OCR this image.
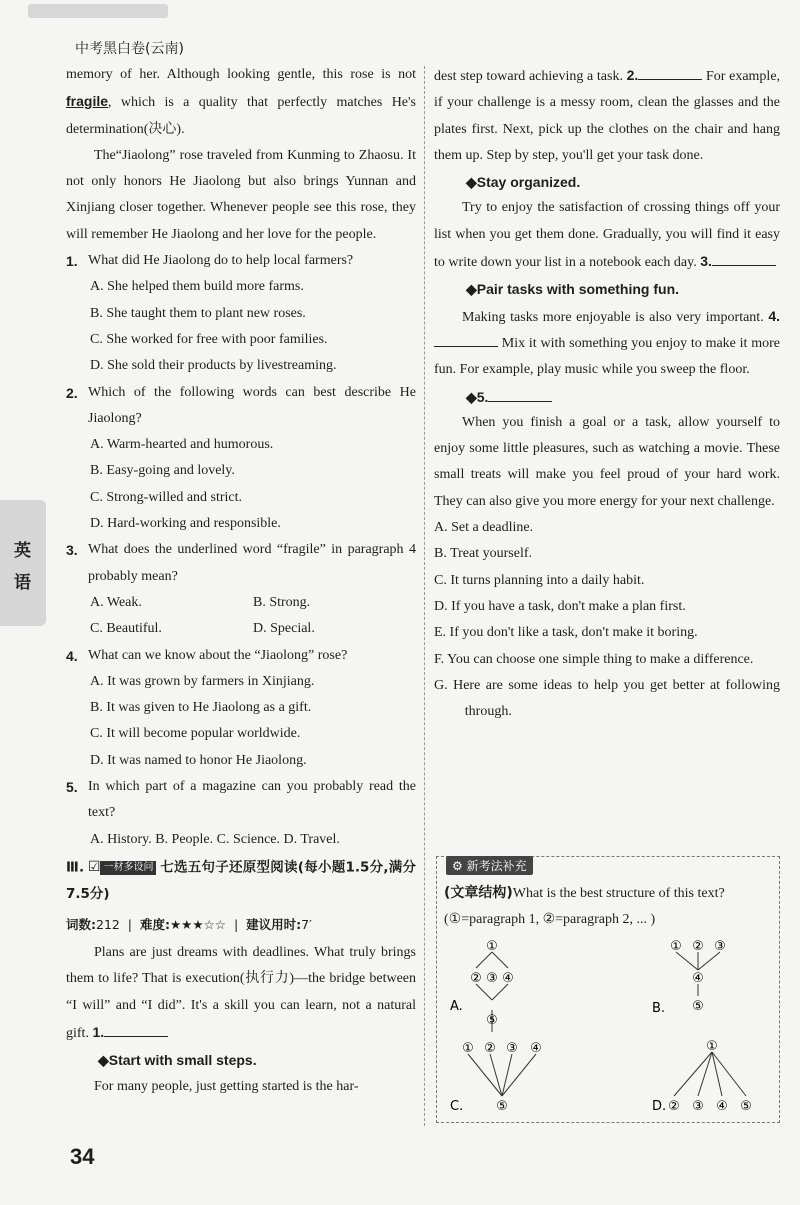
中考黑白卷(云南)
英
语

memory of her. Although looking gentle, this rose is not fragile, which is a quality that perfectly matches He's determination(决心).

The“Jiaolong” rose traveled from Kunming to Zhaosu. It not only honors He Jiaolong but also brings Yunnan and Xinjiang closer together. Whenever people see this rose, they will remember He Jiaolong and her love for the people.

1. What did He Jiaolong do to help local farmers?
A. She helped them build more farms.
B. She taught them to plant new roses.
C. She worked for free with poor families.
D. She sold their products by livestreaming.
2. Which of the following words can best describe He Jiaolong?
A. Warm-hearted and humorous.
B. Easy-going and lovely.
C. Strong-willed and strict.
D. Hard-working and responsible.
3. What does the underlined word “fragile” in paragraph 4 probably mean?
A. Weak.	B. Strong.
C. Beautiful.	D. Special.
4. What can we know about the “Jiaolong” rose?
A. It was grown by farmers in Xinjiang.
B. It was given to He Jiaolong as a gift.
C. It will become popular worldwide.
D. It was named to honor He Jiaolong.
5. In which part of a magazine can you probably read the text?
A. History. B. People. C. Science. D. Travel.
Ⅲ. ☑ 一材多设问 七选五句子还原型阅读(每小题1.5分,满分7.5分)
词数:212  |  难度:★★★☆☆  |  建议用时:7′

Plans are just dreams with deadlines. What truly brings them to life? That is execution(执行力)—the bridge between “I will” and “I did”. It's a skill you can learn, not a natural gift. 1.

◆Start with small steps.

For many people, just getting started is the har-

dest step toward achieving a task. 2.	For example, if your challenge is a messy room, clean the glasses and the plates first. Next, pick up the clothes on the chair and hang them up. Step by step, you'll get your task done.

◆Stay organized.

Try to enjoy the satisfaction of crossing things off your list when you get them done. Gradually, you will find it easy to write down your list in a notebook each day. 3.

◆Pair tasks with something fun.

Making tasks more enjoyable is also very important. 4. Mix it with something you enjoy to make it more fun. For example, play music while you sweep the floor.

◆5.

When you finish a goal or a task, allow yourself to enjoy some little pleasures, such as watching a movie. These small treats will make you feel proud of your hard work. They can also give you more energy for your next challenge.

A. Set a deadline.
B. Treat yourself.
C. It turns planning into a daily habit.
D. If you have a task, don't make a plan first.
E. If you don't like a task, don't make it boring.
F. You can choose one simple thing to make a difference.
G. Here are some ideas to help you get better at following through.
⚙ 新考法补充
(文章结构)What is the best structure of this text? (①=paragraph 1, ②=paragraph 2, ... )
①
② ③ ④
⑤
① ② ③
④
⑤
① ② ③ ④
⑤
①
② ③ ④ ⑤
A.	B.
C.	D.
34
